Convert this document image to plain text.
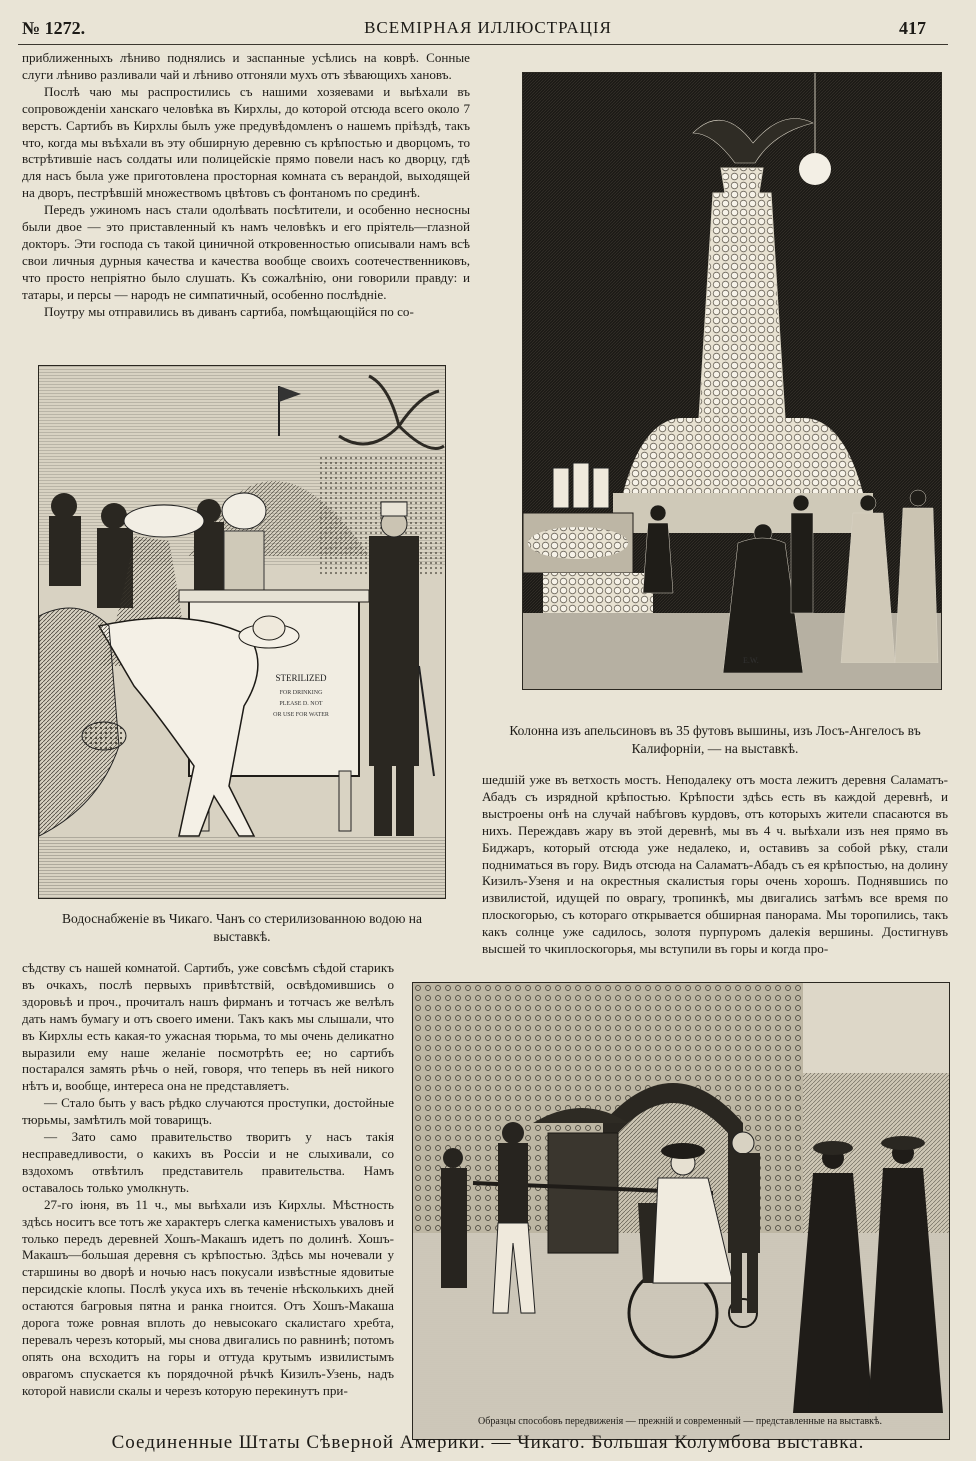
№ 1272.	ВСЕМIРНАЯ ИЛЛЮСТРАЦIЯ	417

приближенныхъ лѣниво поднялись и заспанные усѣлись на коврѣ. Сонные слуги лѣниво разливали чай и лѣниво отгоняли мухъ отъ зѣвающихъ хановъ.

Послѣ чаю мы распростились съ нашими хозяевами и выѣхали въ сопровожденiи ханскаго человѣка въ Кирхлы, до которой отсюда всего около 7 верстъ. Сартибъ въ Кирхлы былъ уже предувѣдомленъ о нашемъ прiѣздѣ, такъ что, когда мы въѣхали въ эту обширную деревню съ крѣпостью и дворцомъ, то встрѣтившiе насъ солдаты или полицейскiе прямо повели насъ ко дворцу, гдѣ для насъ была уже приготовлена просторная комната съ верандой, выходящей на дворъ, пестрѣвшiй множествомъ цвѣтовъ съ фонтаномъ по срединѣ.

Передъ ужиномъ насъ стали одолѣвать посѣтители, и особенно несносны были двое — это приставленный къ намъ человѣкъ и его прiятель—глазной докторъ. Эти господа съ такой циничной откровенностью описывали намъ всѣ свои личныя дурныя качества и качества вообще своихъ соотечественниковъ, что просто непрiятно было слушать. Къ сожалѣнiю, они говорили правду: и татары, и персы — народъ не симпатичный, особенно послѣднiе.

Поутру мы отправились въ диванъ сартиба, помѣщающiйся по со-

STERILIZED
FOR DRINKING
PLEASE D. NOT
OR USE FOR WATER
Водоснабженiе въ Чикаго. Чанъ со стерилизованною водою на выставкѣ.

сѣдству съ нашей комнатой. Сартибъ, уже совсѣмъ сѣдой старикъ въ очкахъ, послѣ первыхъ привѣтствiй, освѣдомившись о здоровьѣ и проч., прочиталъ нашъ фирманъ и тотчасъ же велѣлъ дать намъ бумагу и отъ своего имени. Такъ какъ мы слышали, что въ Кирхлы есть какая-то ужасная тюрьма, то мы очень деликатно выразили ему наше желанiе посмотрѣть ее; но сартибъ постарался замять рѣчь о ней, говоря, что теперь въ ней никого нѣтъ и, вообще, интереса она не представляетъ.

— Стало быть у васъ рѣдко случаются проступки, достойные тюрьмы, замѣтилъ мой товарищъ.

— Зато само правительство творитъ у насъ такiя несправедливости, о какихъ въ Россiи и не слыхивали, со вздохомъ отвѣтилъ представитель правительства. Намъ оставалось только умолкнуть.

27-го iюня, въ 11 ч., мы выѣхали изъ Кирхлы. Мѣстность здѣсь носитъ все тотъ же характеръ слегка каменистыхъ уваловъ и только передъ деревней Хошъ-Макашъ идетъ по долинѣ. Хошъ-Макашъ—большая деревня съ крѣпостью. Здѣсь мы ночевали у старшины во дворѣ и ночью насъ покусали извѣстные ядовитые персидскiе клопы. Послѣ укуса ихъ въ теченiе нѣсколькихъ дней остаются багровыя пятна и ранка гноится. Отъ Хошъ-Макаша дорога тоже ровная вплоть до невысокаго скалистаго хребта, перевалъ черезъ который, мы снова двигались по равнинѣ; потомъ опять она всходитъ на горы и оттуда крутымъ извилистымъ оврагомъ спускается къ порядочной рѣчкѣ Кизилъ-Узень, надъ которой нависли скалы и черезъ которую перекинутъ при-

E.W.
Колонна изъ апельсиновъ въ 35 футовъ вышины, изъ Лосъ-Ангелосъ въ Калифорнiи, — на выставкѣ.

шедшiй уже въ ветхость мостъ. Неподалеку отъ моста лежитъ деревня Саламатъ-Абадъ съ изрядной крѣпостью. Крѣпости здѣсь есть въ каждой деревнѣ, и выстроены онѣ на случай набѣговъ курдовъ, отъ которыхъ жители спасаются въ нихъ. Переждавъ жару въ этой деревнѣ, мы въ 4 ч. выѣхали изъ нея прямо въ Биджаръ, который отсюда уже недалеко, и, оставивъ за собой рѣку, стали подниматься въ гору. Видъ отсюда на Саламатъ-Абадъ съ ея крѣпостью, на долину Кизилъ-Узеня и на окрестныя скалистыя горы очень хорошъ. Поднявшись по извилистой, идущей по оврагу, тропинкѣ, мы двигались затѣмъ все время по плоскогорью, съ котораго открывается обширная панорама. Мы торопились, такъ какъ солнце уже садилось, золотя пурпуромъ далекiя вершины. Достигнувъ высшей то чкиплоскогорья, мы вступили въ горы и когда про-

Образцы способовъ передвиженiя — прежнiй и современный — представленные на выставкѣ.
Соединенные Штаты Сѣверной Америки. — Чикаго. Большая Колумбова выставка.
